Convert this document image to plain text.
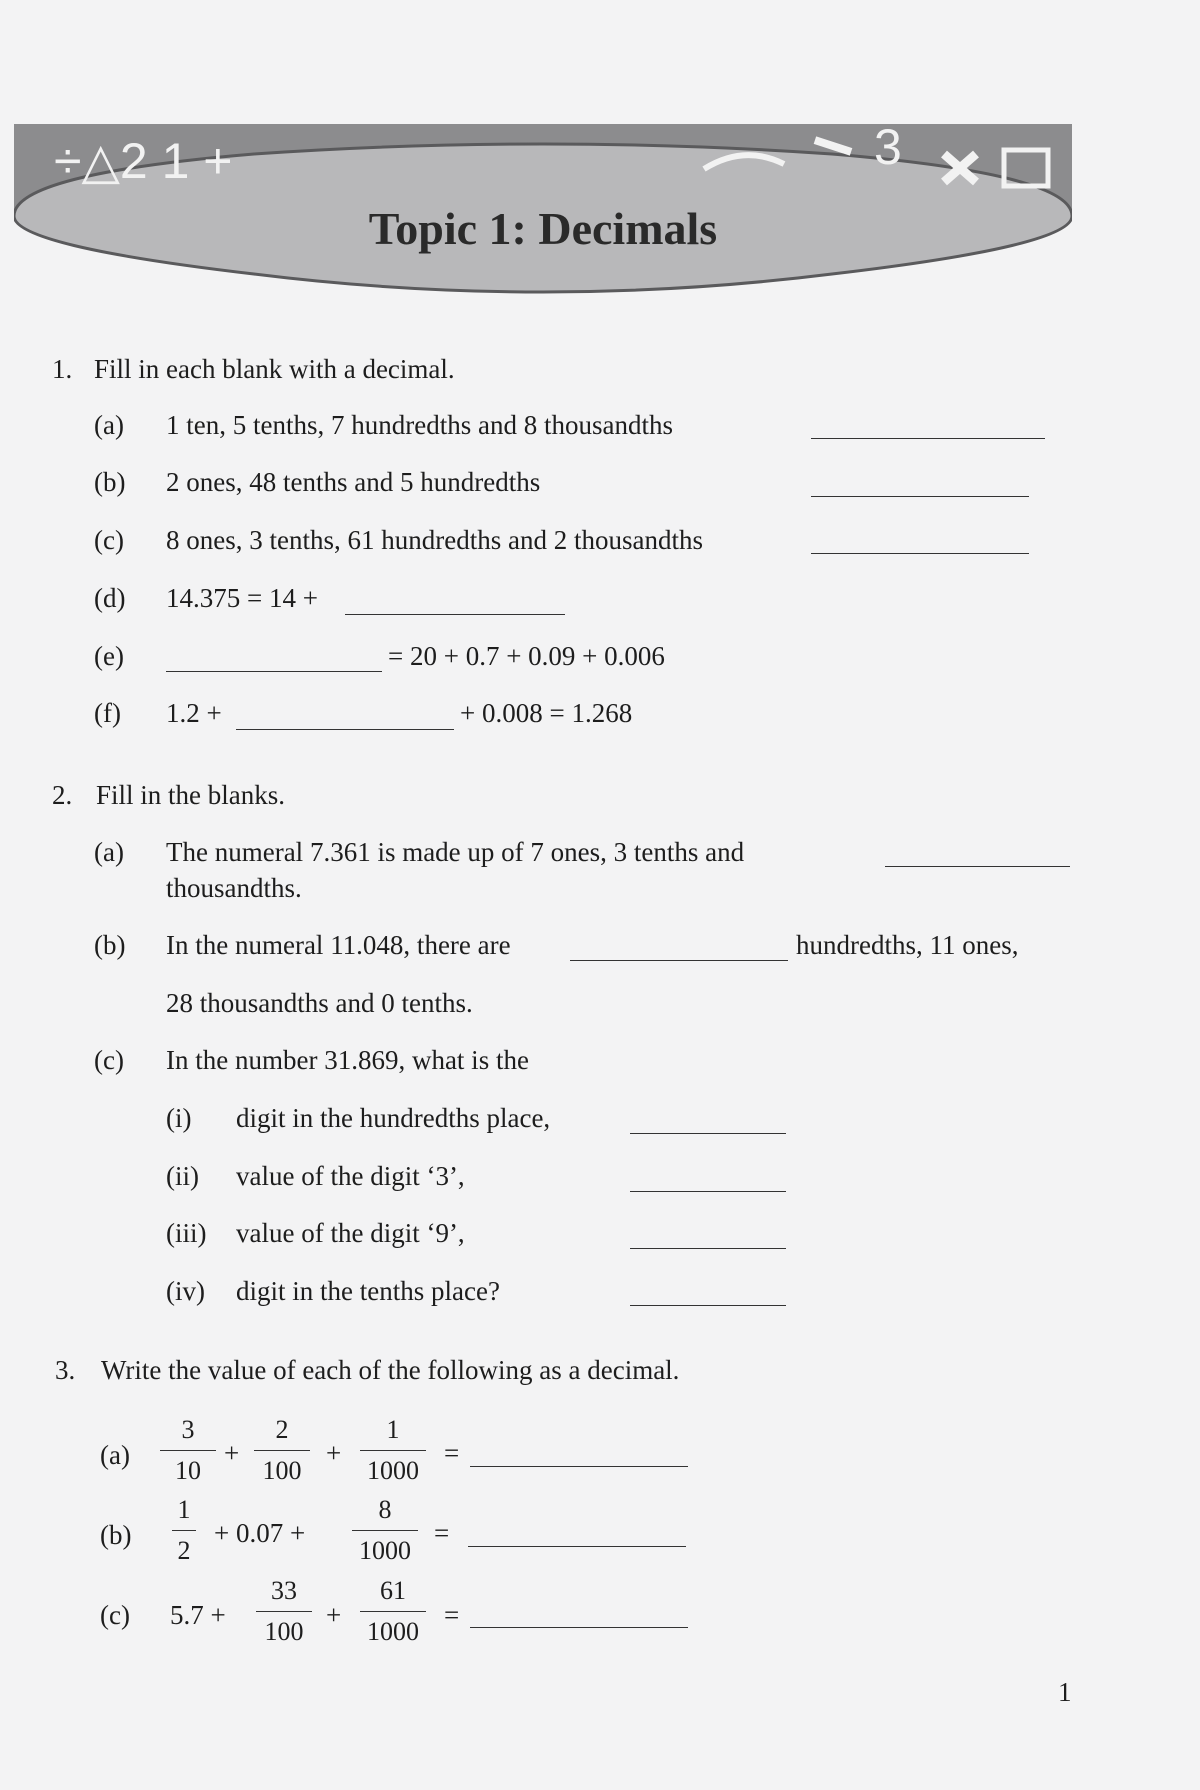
÷△2 1 +	3
Topic 1: Decimals
1. Fill in each blank with a decimal.
(a) 1 ten, 5 tenths, 7 hundredths and 8 thousandths
(b) 2 ones, 48 tenths and 5 hundredths
(c) 8 ones, 3 tenths, 61 hundredths and 2 thousandths
(d) 14.375 = 14 +
(e)	= 20 + 0.7 + 0.09 + 0.006
(f) 1.2 +	+ 0.008 = 1.268
2. Fill in the blanks.
(a) The numeral 7.361 is made up of 7 ones, 3 tenths and
thousandths.
(b) In the numeral 11.048, there are	hundredths, 11 ones,
28 thousandths and 0 tenths.
(c) In the number 31.869, what is the
(i) digit in the hundredths place,
(ii) value of the digit ‘3’,
(iii) value of the digit ‘9’,
(iv) digit in the tenths place?
3. Write the value of each of the following as a decimal.
(a)
3
10
+
2
100
+
1
1000
=
(b)
1
2
+ 0.07 +
8
1000
=
(c) 5.7 +
33
100
+
61
1000
=
1
